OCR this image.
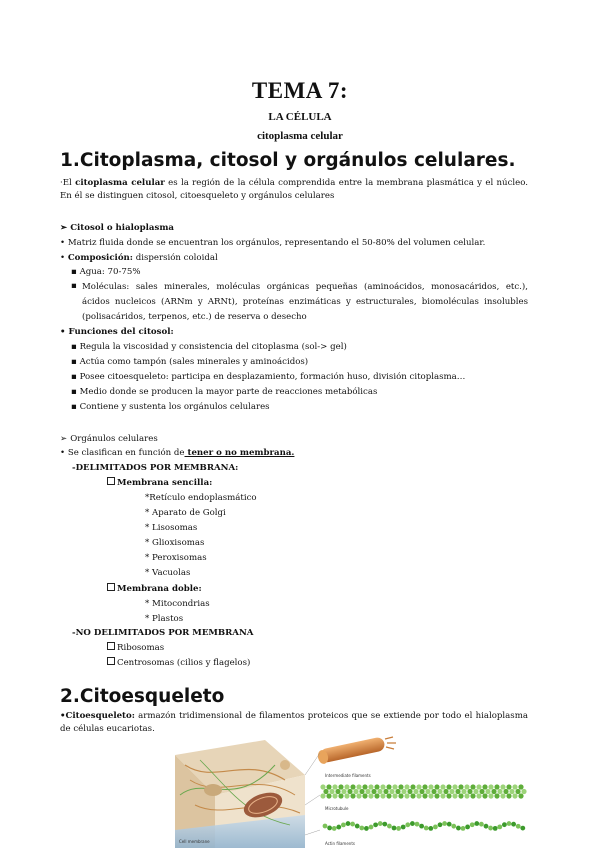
TEMA 7:
LA CÉLULA
citoplasma celular
1.Citoplasma, citosol y orgánulos celulares.
·El citoplasma celular es la región de la célula comprendida entre la membrana plasmática y el núcleo. En él se distinguen citosol, citoesqueleto y orgánulos celulares
➢ Citosol o hialoplasma
• Matriz fluida donde se encuentran los orgánulos, representando el 50-80% del volumen celular.
• Composición: dispersión coloidal
▪ Agua: 70-75%
▪ Moléculas: sales minerales, moléculas orgánicas pequeñas (aminoácidos, monosacáridos, etc.), ácidos nucleicos (ARNm y ARNt), proteínas enzimáticas y estructurales, biomoléculas insolubles (polisacáridos, terpenos, etc.) de reserva o desecho
• Funciones del citosol:
▪ Regula la viscosidad y consistencia del citoplasma (sol-> gel)
▪ Actúa como tampón (sales minerales y aminoácidos)
▪ Posee citoesqueleto: participa en desplazamiento, formación huso, división citoplasma…
▪ Medio donde se producen la mayor parte de reacciones metabólicas
▪ Contiene y sustenta los orgánulos celulares
➢ Orgánulos celulares
• Se clasifican en función de tener o no membrana.
-DELIMITADOS POR MEMBRANA:
Membrana sencilla:
*Retículo endoplasmático
* Aparato de Golgi
* Lisosomas
* Glioxisomas
* Peroxisomas
* Vacuolas
Membrana doble:
* Mitocondrias
* Plastos
-NO DELIMITADOS POR MEMBRANA
Ribosomas
Centrosomas (cilios y flagelos)
2.Citoesqueleto
•Citoesqueleto: armazón tridimensional de filamentos proteicos que se extiende por todo el hialoplasma de células eucariotas.
Intermediate filaments
Microtubule
Actin filaments
Cell membrane
